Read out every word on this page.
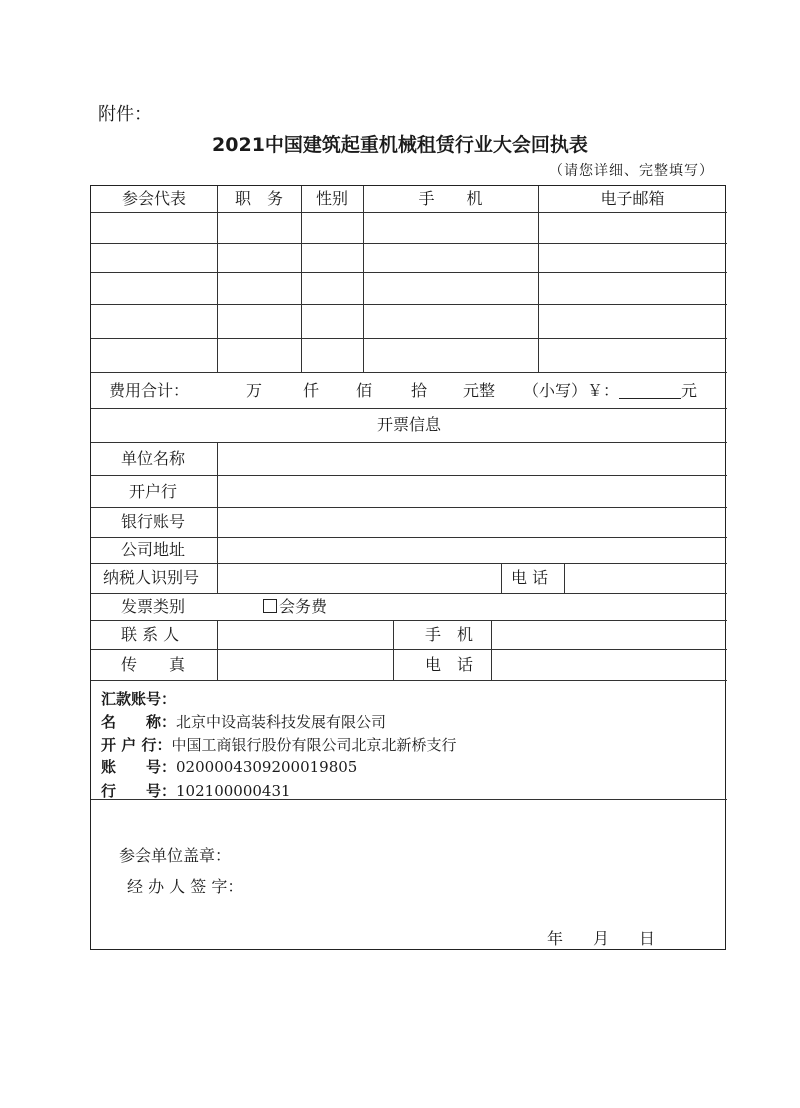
附件：
2021中国建筑起重机械租赁行业大会回执表
（请您详细、完整填写）
参会代表	职　务	性别	手　　机	电子邮箱
费用合计：	万	仟 佰 拾 元整 （小写）￥：	元
开票信息
单位名称
开户行
银行账号
公司地址
纳税人识别号	电 话
发票类别	会务费
联 系 人	手　机
传　　真	电　话
汇款账号：
名　　称：北京中设高装科技发展有限公司
开 户 行：中国工商银行股份有限公司北京北新桥支行
账　　号：0200004309200019805
行　　号：102100000431
参会单位盖章：
经 办 人 签 字：
年 月 日
